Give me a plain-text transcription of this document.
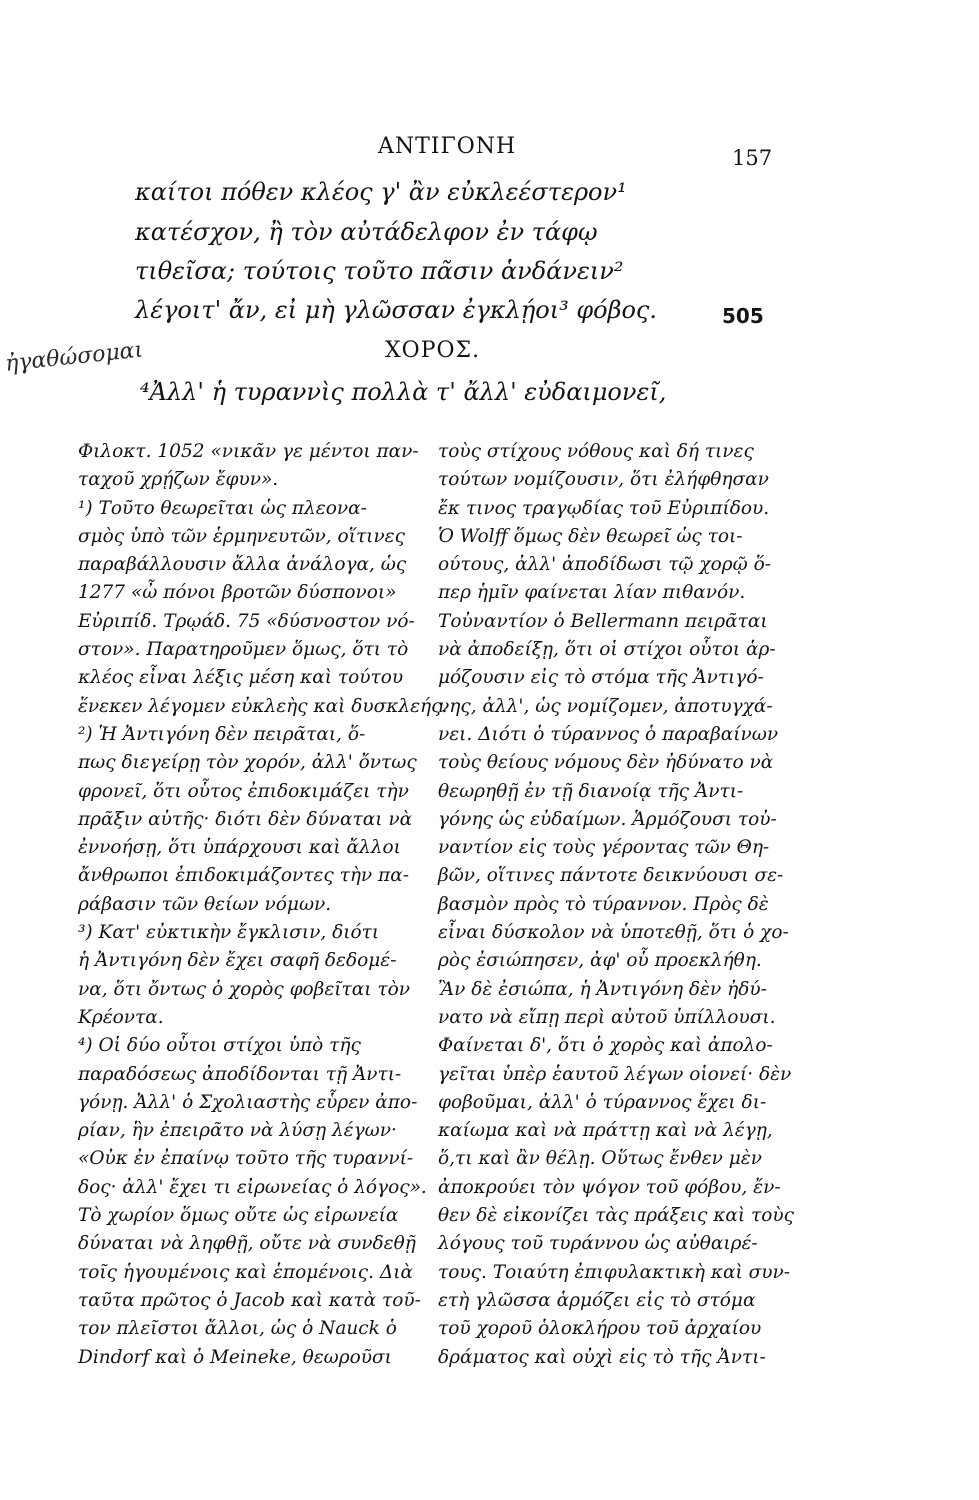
ΑΝΤΙΓΟΝΗ	157
καίτοι πόθεν κλέος γ' ἂν εὐκλεέστερον¹
κατέσχον, ἢ τὸν αὐτάδελφον ἐν τάφῳ
τιθεῖσα; τούτοις τοῦτο πᾶσιν ἁνδάνειν²
λέγοιτ' ἄν, εἰ μὴ γλῶσσαν ἐγκλῄοι³ φόβος.	505
ΧΟΡΟΣ.
ἠγαθώσομαι
⁴Ἀλλ' ἡ τυραννὶς πολλὰ τ' ἄλλ' εὐδαιμονεῖ,
Φιλοκτ. 1052 «νικᾶν γε μέντοι παν-
ταχοῦ χρῄζων ἔφυν».
¹) Τοῦτο θεωρεῖται ὡς πλεονα-
σμὸς ὑπὸ τῶν ἑρμηνευτῶν, οἵτινες
παραβάλλουσιν ἄλλα ἀνάλογα, ὡς
1277 «ὦ πόνοι βροτῶν δύσπονοι»
Εὐριπίδ. Τρῳάδ. 75 «δύσνοστον νό-
στον». Παρατηροῦμεν ὅμως, ὅτι τὸ
κλέος εἶναι λέξις μέση καὶ τούτου
ἕνεκεν λέγομεν εὐκλεὴς καὶ δυσκλεής.
²) Ἡ Ἀντιγόνη δὲν πειρᾶται, ὅ-
πως διεγείρῃ τὸν χορόν, ἀλλ' ὄντως
φρονεῖ, ὅτι οὗτος ἐπιδοκιμάζει τὴν
πρᾶξιν αὐτῆς· διότι δὲν δύναται νὰ
ἐννοήσῃ, ὅτι ὑπάρχουσι καὶ ἄλλοι
ἄνθρωποι ἐπιδοκιμάζοντες τὴν πα-
ράβασιν τῶν θείων νόμων.
³) Κατ' εὐκτικὴν ἔγκλισιν, διότι
ἡ Ἀντιγόνη δὲν ἔχει σαφῆ δεδομέ-
να, ὅτι ὄντως ὁ χορὸς φοβεῖται τὸν
Κρέοντα.
⁴) Οἱ δύο οὗτοι στίχοι ὑπὸ τῆς
παραδόσεως ἀποδίδονται τῇ Ἀντι-
γόνῃ. Ἀλλ' ὁ Σχολιαστὴς εὗρεν ἀπο-
ρίαν, ἣν ἐπειρᾶτο νὰ λύσῃ λέγων·
«Οὐκ ἐν ἐπαίνῳ τοῦτο τῆς τυραννί-
δος· ἀλλ' ἔχει τι εἰρωνείας ὁ λόγος».
Τὸ χωρίον ὅμως οὔτε ὡς εἰρωνεία
δύναται νὰ ληφθῇ, οὔτε νὰ συνδεθῇ
τοῖς ἡγουμένοις καὶ ἑπομένοις. Διὰ
ταῦτα πρῶτος ὁ Jacob καὶ κατὰ τοῦ-
τον πλεῖστοι ἄλλοι, ὡς ὁ Nauck ὁ
Dindorf καὶ ὁ Meineke, θεωροῦσι
τοὺς στίχους νόθους καὶ δή τινες
τούτων νομίζουσιν, ὅτι ἐλήφθησαν
ἔκ τινος τραγῳδίας τοῦ Εὐριπίδου.
Ὁ Wolff ὅμως δὲν θεωρεῖ ὡς τοι-
ούτους, ἀλλ' ἀποδίδωσι τῷ χορῷ ὅ-
περ ἡμῖν φαίνεται λίαν πιθανόν.
Τοὐναντίον ὁ Bellermann πειρᾶται
νὰ ἀποδείξῃ, ὅτι οἱ στίχοι οὗτοι ἁρ-
μόζουσιν εἰς τὸ στόμα τῆς Ἀντιγό-
νης, ἀλλ', ὡς νομίζομεν, ἀποτυγχά-
νει. Διότι ὁ τύραννος ὁ παραβαίνων
τοὺς θείους νόμους δὲν ἠδύνατο νὰ
θεωρηθῇ ἐν τῇ διανοίᾳ τῆς Ἀντι-
γόνης ὡς εὐδαίμων. Ἁρμόζουσι τοὐ-
ναντίον εἰς τοὺς γέροντας τῶν Θη-
βῶν, οἵτινες πάντοτε δεικνύουσι σε-
βασμὸν πρὸς τὸ τύραννον. Πρὸς δὲ
εἶναι δύσκολον νὰ ὑποτεθῇ, ὅτι ὁ χο-
ρὸς ἐσιώπησεν, ἀφ' οὗ προεκλήθη.
Ἂν δὲ ἐσιώπα, ἡ Ἀντιγόνη δὲν ἠδύ-
νατο νὰ εἴπῃ περὶ αὐτοῦ ὑπίλλουσι.
Φαίνεται δ', ὅτι ὁ χορὸς καὶ ἀπολο-
γεῖται ὑπὲρ ἑαυτοῦ λέγων οἱονεί· δὲν
φοβοῦμαι, ἀλλ' ὁ τύραννος ἔχει δι-
καίωμα καὶ νὰ πράττῃ καὶ νὰ λέγῃ,
ὅ,τι καὶ ἂν θέλῃ. Οὕτως ἔνθεν μὲν
ἀποκρούει τὸν ψόγον τοῦ φόβου, ἔν-
θεν δὲ εἰκονίζει τὰς πράξεις καὶ τοὺς
λόγους τοῦ τυράννου ὡς αὐθαιρέ-
τους. Τοιαύτη ἐπιφυλακτικὴ καὶ συν-
ετὴ γλῶσσα ἁρμόζει εἰς τὸ στόμα
τοῦ χοροῦ ὁλοκλήρου τοῦ ἀρχαίου
δράματος καὶ οὐχὶ εἰς τὸ τῆς Ἀντι-
